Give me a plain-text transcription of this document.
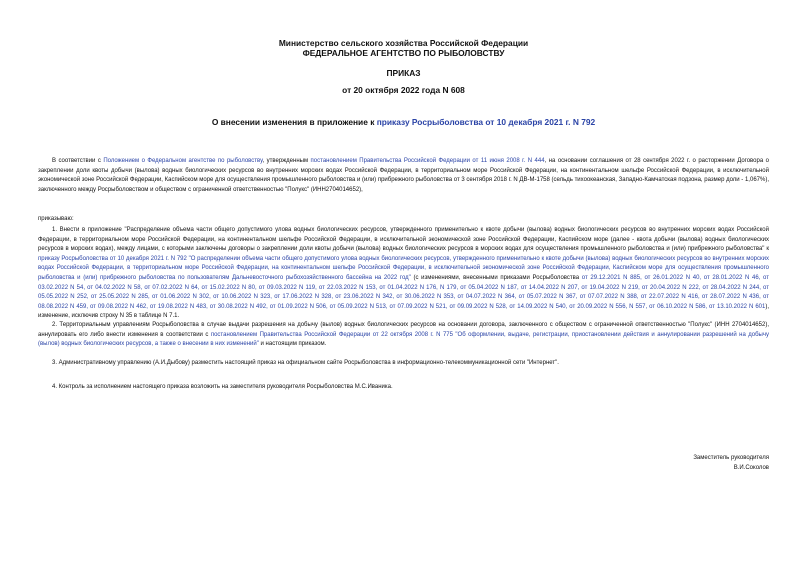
Министерство сельского хозяйства Российской Федерации
ФЕДЕРАЛЬНОЕ АГЕНТСТВО ПО РЫБОЛОВСТВУ
ПРИКАЗ
от 20 октября 2022 года N 608
О внесении изменения в приложение к приказу Росрыболовства от 10 декабря 2021 г. N 792
В соответствии с Положением о Федеральном агентстве по рыболовству, утвержденным постановлением Правительства Российской Федерации от 11 июня 2008 г. N 444, на основании соглашения от 28 сентября 2022 г. о расторжении Договора о закреплении доли квоты добычи (вылова) водных биологических ресурсов во внутренних морских водах Российской Федерации, в территориальном море Российской Федерации, на континентальном шельфе Российской Федерации, в исключительной экономической зоне Российской Федерации, Каспийском море для осуществления промышленного рыболовства и (или) прибрежного рыболовства от 3 сентября 2018 г. N ДВ-М-1758 (сельдь тихоокеанская, Западно-Камчатская подзона, размер доли - 1,067%), заключенного между Росрыболовством и обществом с ограниченной ответственностью "Полукс" (ИНН2704014652),
приказываю:
1. Внести в приложение "Распределение объема части общего допустимого улова водных биологических ресурсов, утвержденного применительно к квоте добычи (вылова) водных биологических ресурсов во внутренних морских водах Российской Федерации, в территориальном море Российской Федерации, на континентальном шельфе Российской Федерации, в исключительной экономической зоне Российской Федерации, Каспийском море (далее - квота добычи (вылова) водных биологических ресурсов в морских водах), между лицами, с которыми заключены договоры о закреплении доли квоты добычи (вылова) водных биологических ресурсов в морских водах для осуществления промышленного рыболовства и (или) прибрежного рыболовства" к приказу Росрыболовства от 10 декабря 2021 г. N 792 "О распределении объема части общего допустимого улова водных биологических ресурсов, утвержденного применительно к квоте добычи (вылова) водных биологических ресурсов во внутренних морских водах Российской Федерации, в территориальном море Российской Федерации, на континентальном шельфе Российской Федерации, в исключительной экономической зоне Российской Федерации, Каспийском море для осуществления промышленного рыболовства и (или) прибрежного рыболовства по пользователям Дальневосточного рыбохозяйственного бассейна на 2022 год" (с изменениями, внесенными приказами Росрыболовства от 29.12.2021 N 885, от 26.01.2022 N 40, от 28.01.2022 N 46, от 03.02.2022 N 54, от 04.02.2022 N 58, от 07.02.2022 N 64, от 15.02.2022 N 80, от 09.03.2022 N 119, от 22.03.2022 N 153, от 01.04.2022 N 176, N 179, от 05.04.2022 N 187, от 14.04.2022 N 207, от 19.04.2022 N 219, от 20.04.2022 N 222, от 28.04.2022 N 244, от 05.05.2022 N 252, от 25.05.2022 N 285, от 01.06.2022 N 302, от 10.06.2022 N 323, от 17.06.2022 N 328, от 23.06.2022 N 342, от 30.06.2022 N 353, от 04.07.2022 N 364, от 05.07.2022 N 367, от 07.07.2022 N 388, от 22.07.2022 N 416, от 28.07.2022 N 436, от 08.08.2022 N 459, от 09.08.2022 N 462, от 19.08.2022 N 483, от 30.08.2022 N 492, от 01.09.2022 N 506, от 05.09.2022 N 513, от 07.09.2022 N 521, от 09.09.2022 N 528, от 14.09.2022 N 540, от 20.09.2022 N 556, N 557, от 06.10.2022 N 586, от 13.10.2022 N 601), изменение, исключив строку N 35 в таблице N 7.1.
2. Территориальным управлениям Росрыболовства в случае выдачи разрешения на добычу (вылов) водных биологических ресурсов на основании договора, заключенного с обществом с ограниченной ответственностью "Полукс" (ИНН 2704014652), аннулировать его либо внести изменения в соответствии с постановлением Правительства Российской Федерации от 22 октября 2008 г. N 775 "Об оформлении, выдаче, регистрации, приостановлении действия и аннулировании разрешений на добычу (вылов) водных биологических ресурсов, а также о внесении в них изменений" и настоящим приказом.
3. Административному управлению (А.И.Дыбову) разместить настоящий приказ на официальном сайте Росрыболовства в информационно-телекоммуникационной сети "Интернет".
4. Контроль за исполнением настоящего приказа возложить на заместителя руководителя Росрыболовства М.С.Иваника.
Заместитель руководителя
В.И.Соколов
